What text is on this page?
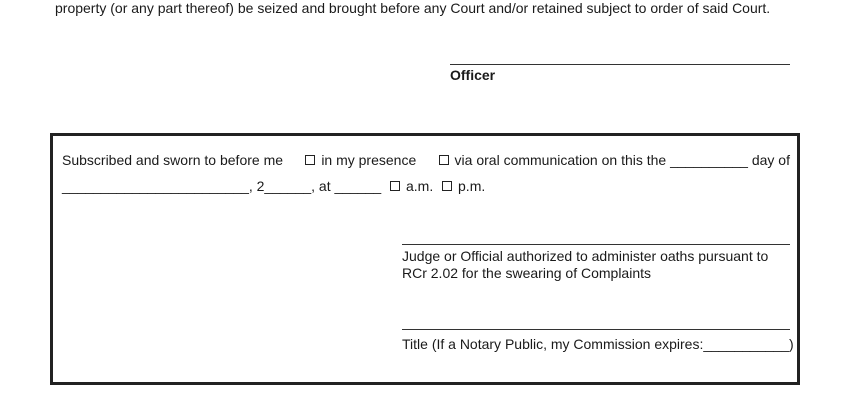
property (or any part thereof) be seized and brought before any Court and/or retained subject to order of said Court.
Officer
Subscribed and sworn to before me	in my presence	via oral communication on this the __________ day of
________________________, 2______, at ______ a.m. p.m.
Judge or Official authorized to administer oaths pursuant to
RCr 2.02 for the swearing of Complaints
Title (If a Notary Public, my Commission expires:___________)
